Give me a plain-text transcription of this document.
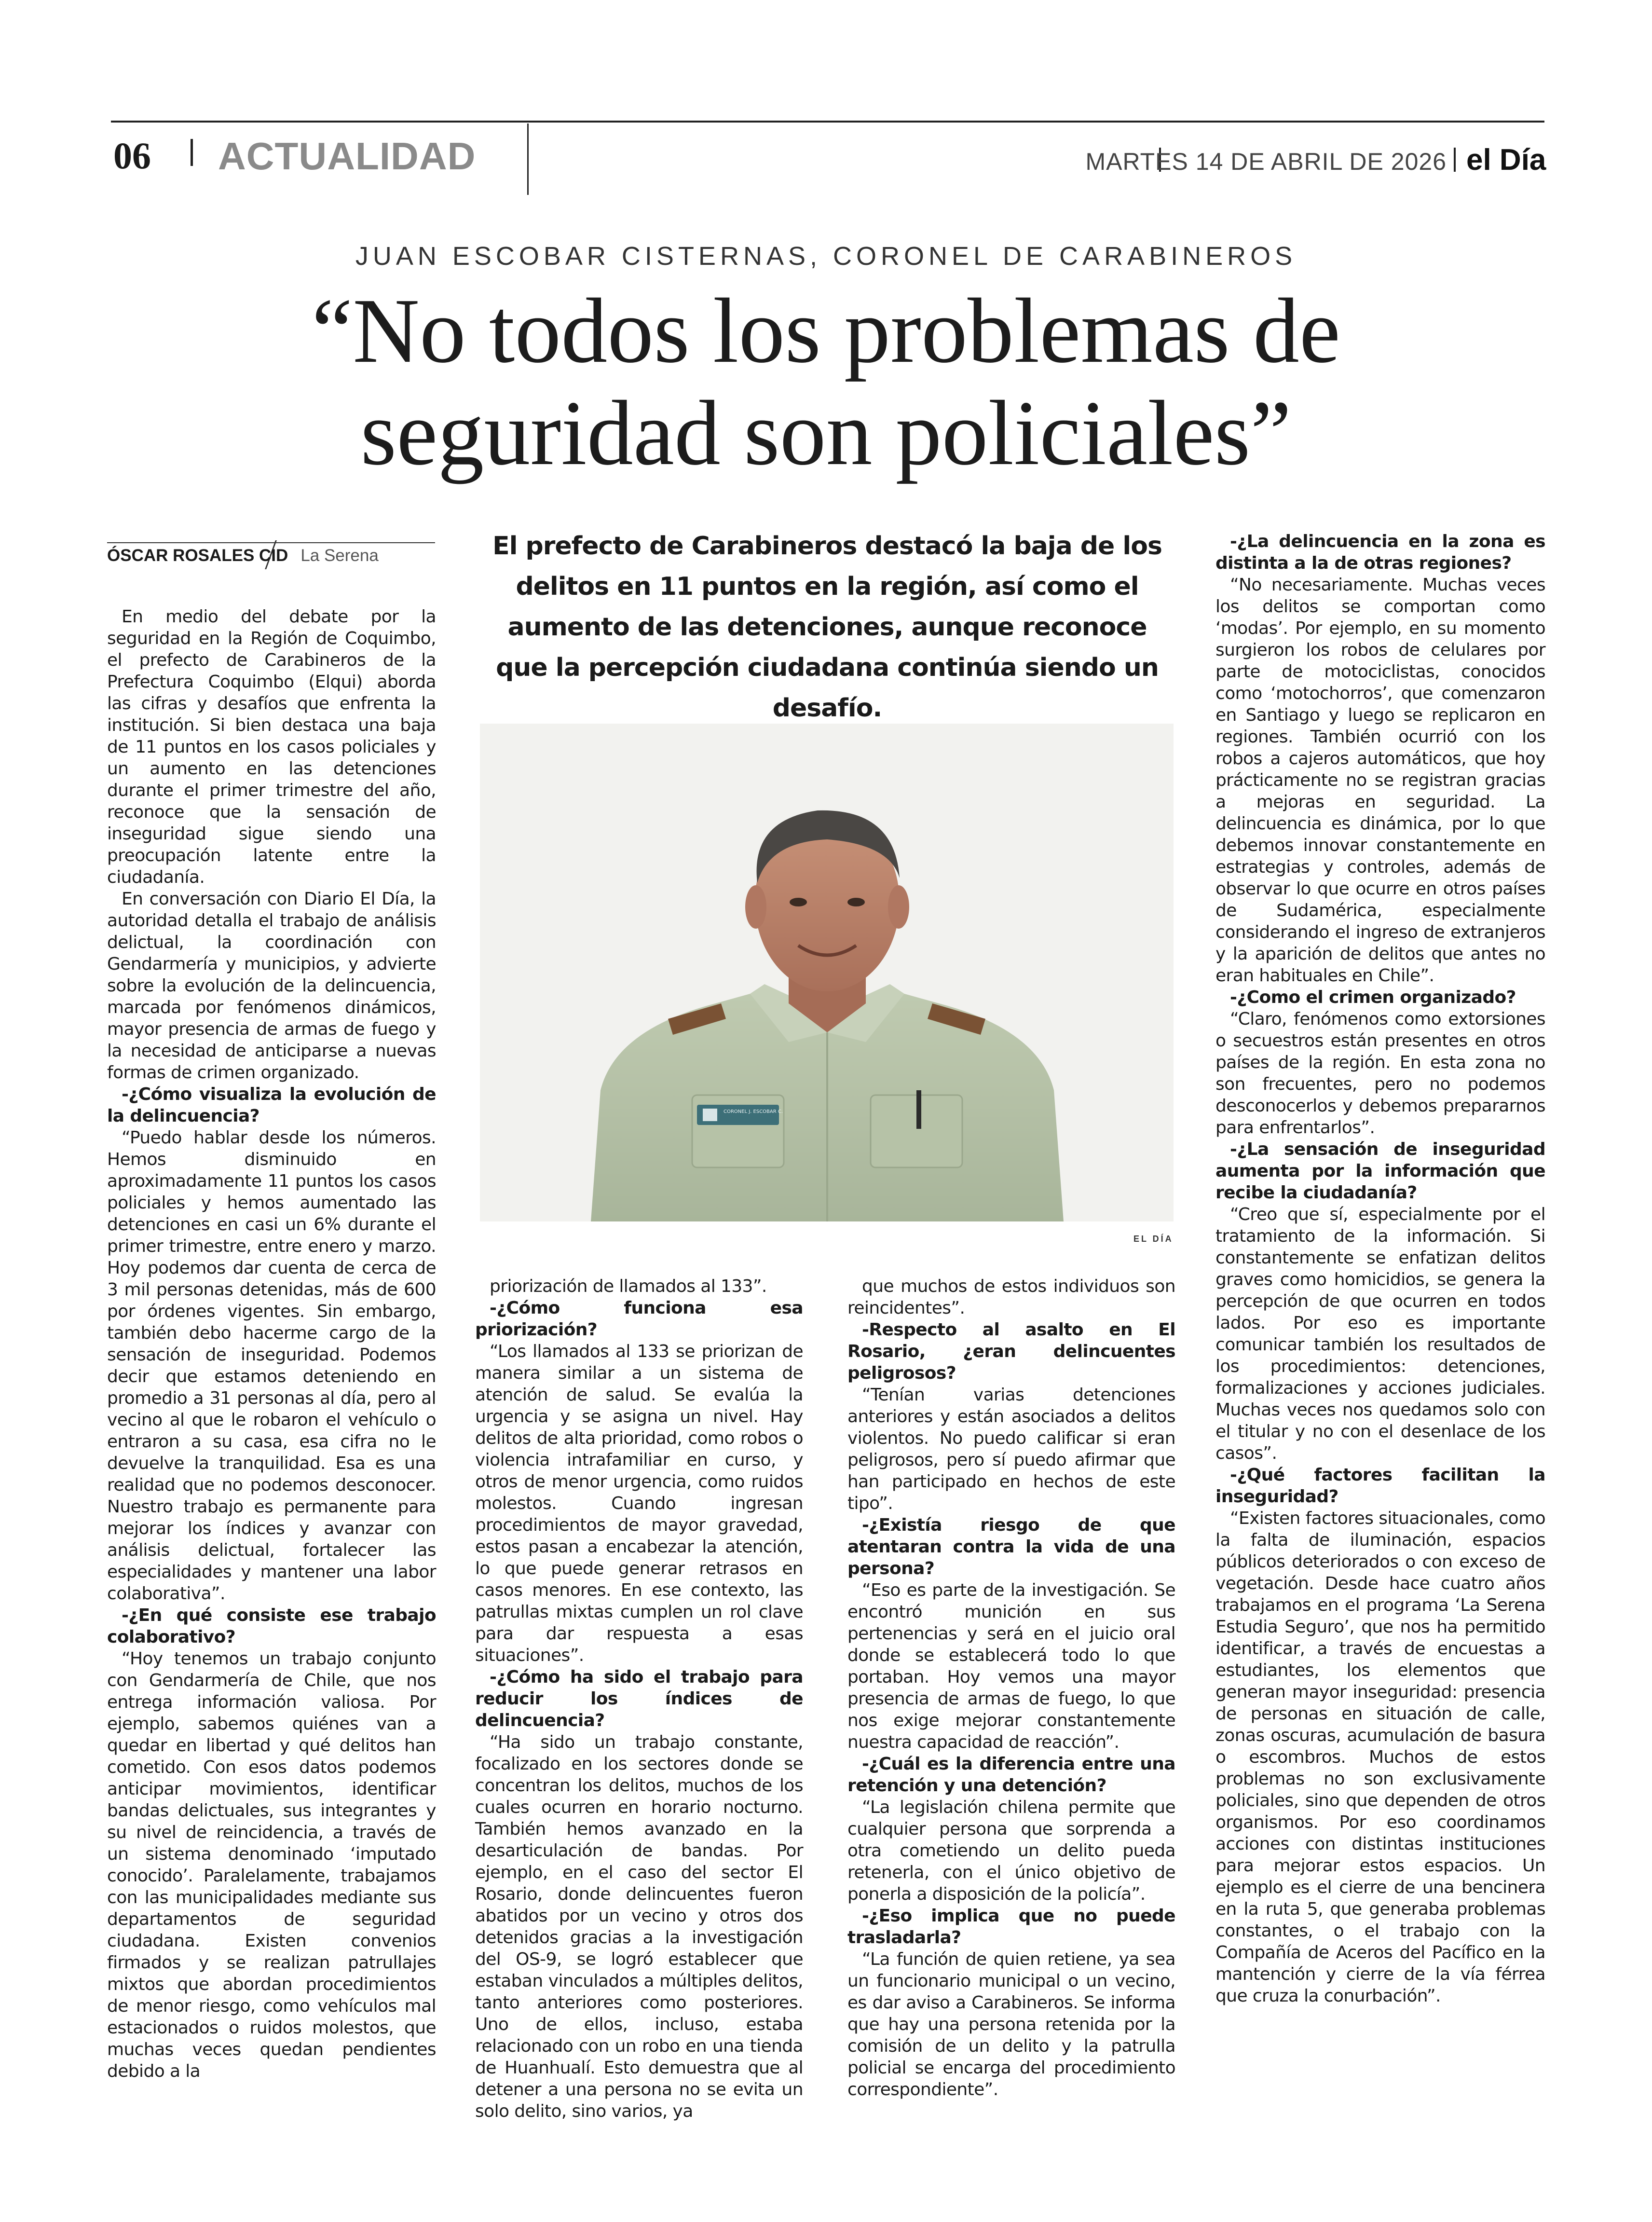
06 ACTUALIDAD	MARTES 14 DE ABRIL DE 2026 el Día
JUAN ESCOBAR CISTERNAS, CORONEL DE CARABINEROS
“No todos los problemas de
seguridad son policiales”
ÓSCAR ROSALES CID La Serena	El prefecto de Carabineros destacó la baja de los delitos en 11 puntos en la región, así como el aumento de las detenciones, aunque reconoce que la percepción ciudadana continúa siendo un desafío.
CORONEL J. ESCOBAR C.
EL DÍA

En medio del debate por la seguridad en la Región de Coquimbo, el prefecto de Carabineros de la Prefectura Coquimbo (Elqui) aborda las cifras y desafíos que enfrenta la institución. Si bien destaca una baja de 11 puntos en los casos policiales y un aumento en las detenciones durante el primer trimestre del año, reconoce que la sensación de inseguridad sigue siendo una preocupación latente entre la ciudadanía.

En conversación con Diario El Día, la autoridad detalla el trabajo de análisis delictual, la coordinación con Gendarmería y municipios, y advierte sobre la evolución de la delincuencia, marcada por fenómenos dinámicos, mayor presencia de armas de fuego y la necesidad de anticiparse a nuevas formas de crimen organizado.

-¿Cómo visualiza la evolución de la delincuencia?

“Puedo hablar desde los números. Hemos disminuido en aproximadamente 11 puntos los casos policiales y hemos aumentado las detenciones en casi un 6% durante el primer trimestre, entre enero y marzo. Hoy podemos dar cuenta de cerca de 3 mil personas detenidas, más de 600 por órdenes vigentes. Sin embargo, también debo hacerme cargo de la sensación de inseguridad. Podemos decir que estamos deteniendo en promedio a 31 personas al día, pero al vecino al que le robaron el vehículo o entraron a su casa, esa cifra no le devuelve la tranquilidad. Esa es una realidad que no podemos desconocer. Nuestro trabajo es permanente para mejorar los índices y avanzar con análisis delictual, fortalecer las especialidades y mantener una labor colaborativa”.

-¿En qué consiste ese trabajo colaborativo?

“Hoy tenemos un trabajo conjunto con Gendarmería de Chile, que nos entrega información valiosa. Por ejemplo, sabemos quiénes van a quedar en libertad y qué delitos han cometido. Con esos datos podemos anticipar movimientos, identificar bandas delictuales, sus integrantes y su nivel de reincidencia, a través de un sistema denominado ‘imputado conocido’. Paralelamente, trabajamos con las municipalidades mediante sus departamentos de seguridad ciudadana. Existen convenios firmados y se realizan patrullajes mixtos que abordan procedimientos de menor riesgo, como vehículos mal estacionados o ruidos molestos, que muchas veces quedan pendientes debido a la

priorización de llamados al 133”.

-¿Cómo funciona esa priorización?

“Los llamados al 133 se priorizan de manera similar a un sistema de atención de salud. Se evalúa la urgencia y se asigna un nivel. Hay delitos de alta prioridad, como robos o violencia intrafamiliar en curso, y otros de menor urgencia, como ruidos molestos. Cuando ingresan procedimientos de mayor gravedad, estos pasan a encabezar la atención, lo que puede generar retrasos en casos menores. En ese contexto, las patrullas mixtas cumplen un rol clave para dar respuesta a esas situaciones”.

-¿Cómo ha sido el trabajo para reducir los índices de delincuencia?

“Ha sido un trabajo constante, focalizado en los sectores donde se concentran los delitos, muchos de los cuales ocurren en horario nocturno. También hemos avanzado en la desarticulación de bandas. Por ejemplo, en el caso del sector El Rosario, donde delincuentes fueron abatidos por un vecino y otros dos detenidos gracias a la investigación del OS-9, se logró establecer que estaban vinculados a múltiples delitos, tanto anteriores como posteriores. Uno de ellos, incluso, estaba relacionado con un robo en una tienda de Huanhualí. Esto demuestra que al detener a una persona no se evita un solo delito, sino varios, ya

que muchos de estos individuos son reincidentes”.

-Respecto al asalto en El Rosario, ¿eran delincuentes peligrosos?

“Tenían varias detenciones anteriores y están asociados a delitos violentos. No puedo calificar si eran peligrosos, pero sí puedo afirmar que han participado en hechos de este tipo”.

-¿Existía riesgo de que atentaran contra la vida de una persona?

“Eso es parte de la investigación. Se encontró munición en sus pertenencias y será en el juicio oral donde se establecerá todo lo que portaban. Hoy vemos una mayor presencia de armas de fuego, lo que nos exige mejorar constantemente nuestra capacidad de reacción”.

-¿Cuál es la diferencia entre una retención y una detención?

“La legislación chilena permite que cualquier persona que sorprenda a otra cometiendo un delito pueda retenerla, con el único objetivo de ponerla a disposición de la policía”.

-¿Eso implica que no puede trasladarla?

“La función de quien retiene, ya sea un funcionario municipal o un vecino, es dar aviso a Carabineros. Se informa que hay una persona retenida por la comisión de un delito y la patrulla policial se encarga del procedimiento correspondiente”.

-¿La delincuencia en la zona es distinta a la de otras regiones?

“No necesariamente. Muchas veces los delitos se comportan como ‘modas’. Por ejemplo, en su momento surgieron los robos de celulares por parte de motociclistas, conocidos como ‘motochorros’, que comenzaron en Santiago y luego se replicaron en regiones. También ocurrió con los robos a cajeros automáticos, que hoy prácticamente no se registran gracias a mejoras en seguridad. La delincuencia es dinámica, por lo que debemos innovar constantemente en estrategias y controles, además de observar lo que ocurre en otros países de Sudamérica, especialmente considerando el ingreso de extranjeros y la aparición de delitos que antes no eran habituales en Chile”.

-¿Como el crimen organizado?

“Claro, fenómenos como extorsiones o secuestros están presentes en otros países de la región. En esta zona no son frecuentes, pero no podemos desconocerlos y debemos prepararnos para enfrentarlos”.

-¿La sensación de inseguridad aumenta por la información que recibe la ciudadanía?

“Creo que sí, especialmente por el tratamiento de la información. Si constantemente se enfatizan delitos graves como homicidios, se genera la percepción de que ocurren en todos lados. Por eso es importante comunicar también los resultados de los procedimientos: detenciones, formalizaciones y acciones judiciales. Muchas veces nos quedamos solo con el titular y no con el desenlace de los casos”.

-¿Qué factores facilitan la inseguridad?

“Existen factores situacionales, como la falta de iluminación, espacios públicos deteriorados o con exceso de vegetación. Desde hace cuatro años trabajamos en el programa ‘La Serena Estudia Seguro’, que nos ha permitido identificar, a través de encuestas a estudiantes, los elementos que generan mayor inseguridad: presencia de personas en situación de calle, zonas oscuras, acumulación de basura o escombros. Muchos de estos problemas no son exclusivamente policiales, sino que dependen de otros organismos. Por eso coordinamos acciones con distintas instituciones para mejorar estos espacios. Un ejemplo es el cierre de una bencinera en la ruta 5, que generaba problemas constantes, o el trabajo con la Compañía de Aceros del Pacífico en la mantención y cierre de la vía férrea que cruza la conurbación”.
